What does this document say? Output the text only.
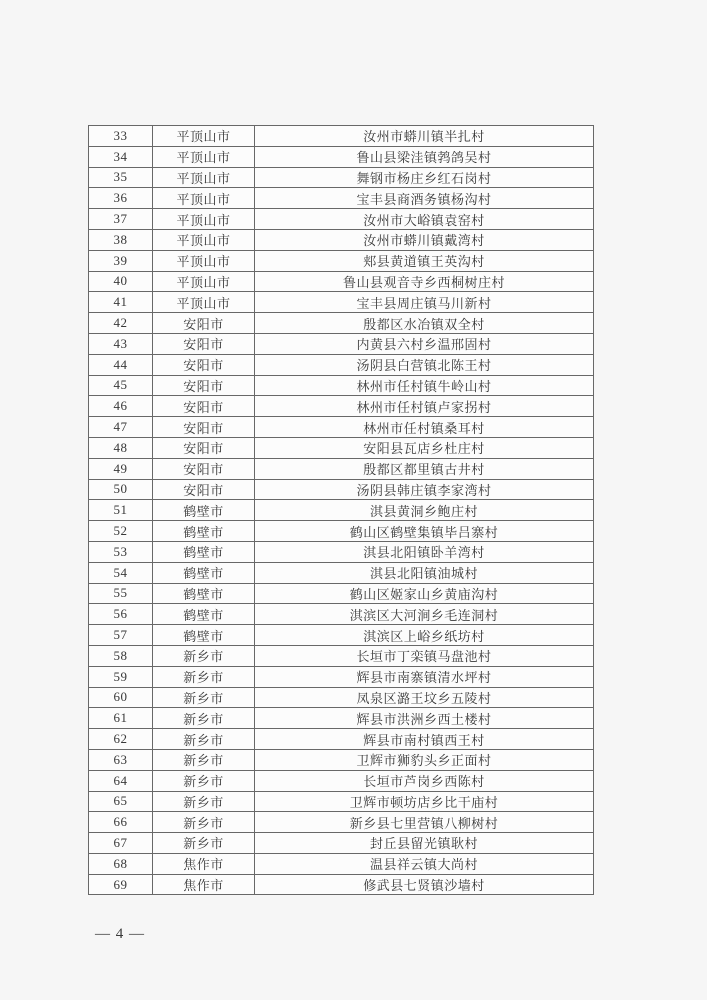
33	平顶山市	汝州市蟒川镇半扎村
34	平顶山市	鲁山县梁洼镇鹁鸽吴村
35	平顶山市	舞钢市杨庄乡红石岗村
36	平顶山市	宝丰县商酒务镇杨沟村
37	平顶山市	汝州市大峪镇袁窑村
38	平顶山市	汝州市蟒川镇戴湾村
39	平顶山市	郏县黄道镇王英沟村
40	平顶山市	鲁山县观音寺乡西桐树庄村
41	平顶山市	宝丰县周庄镇马川新村
42	安阳市	殷都区水冶镇双全村
43	安阳市	内黄县六村乡温邢固村
44	安阳市	汤阴县白营镇北陈王村
45	安阳市	林州市任村镇牛岭山村
46	安阳市	林州市任村镇卢家拐村
47	安阳市	林州市任村镇桑耳村
48	安阳市	安阳县瓦店乡杜庄村
49	安阳市	殷都区都里镇古井村
50	安阳市	汤阴县韩庄镇李家湾村
51	鹤壁市	淇县黄洞乡鲍庄村
52	鹤壁市	鹤山区鹤壁集镇毕吕寨村
53	鹤壁市	淇县北阳镇卧羊湾村
54	鹤壁市	淇县北阳镇油城村
55	鹤壁市	鹤山区姬家山乡黄庙沟村
56	鹤壁市	淇滨区大河涧乡毛连洞村
57	鹤壁市	淇滨区上峪乡纸坊村
58	新乡市	长垣市丁栾镇马盘池村
59	新乡市	辉县市南寨镇清水坪村
60	新乡市	凤泉区潞王坟乡五陵村
61	新乡市	辉县市洪洲乡西土楼村
62	新乡市	辉县市南村镇西王村
63	新乡市	卫辉市狮豹头乡正面村
64	新乡市	长垣市芦岗乡西陈村
65	新乡市	卫辉市顿坊店乡比干庙村
66	新乡市	新乡县七里营镇八柳树村
67	新乡市	封丘县留光镇耿村
68	焦作市	温县祥云镇大尚村
69	焦作市	修武县七贤镇沙墙村
— 4 —
